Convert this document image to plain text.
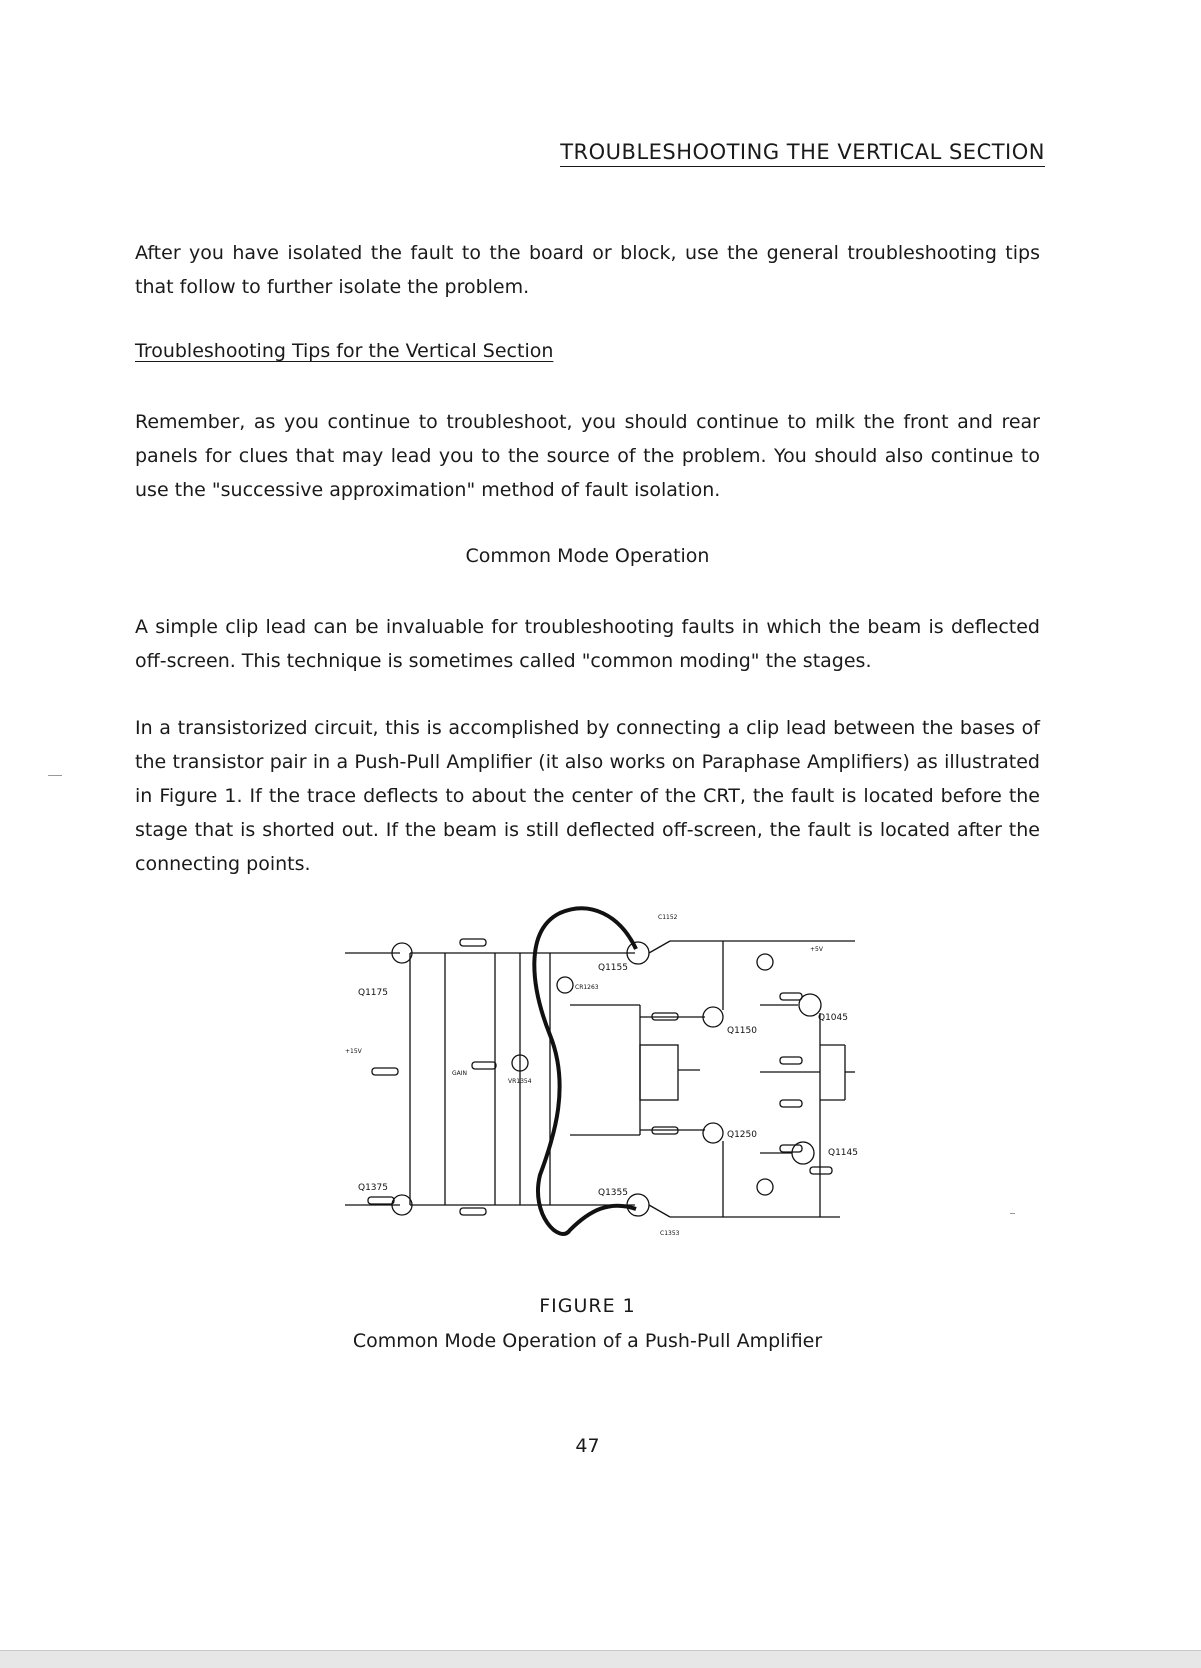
TROUBLESHOOTING THE VERTICAL SECTION

After you have isolated the fault to the board or block, use the general troubleshooting tips that follow to further isolate the problem.

Troubleshooting Tips for the Vertical Section

Remember, as you continue to troubleshoot, you should continue to milk the front and rear panels for clues that may lead you to the source of the problem. You should also continue to use the "successive approximation" method of fault isolation.

Common Mode Operation

A simple clip lead can be invaluable for troubleshooting faults in which the beam is deflected off-screen. This technique is sometimes called "common moding" the stages.

In a transistorized circuit, this is accomplished by connecting a clip lead between the bases of the transistor pair in a Push-Pull Amplifier (it also works on Paraphase Amplifiers) as illustrated in Figure 1. If the trace deflects to about the center of the CRT, the fault is located before the stage that is shorted out. If the beam is still deflected off-screen, the fault is located after the connecting points.

Q1175
Q1375
Q1155
Q1355
Q1150
Q1250
Q1045
Q1145
GAIN
CR1263
VR1354
C1152
C1353
+15V
+5V
FIGURE 1
Common Mode Operation of a Push-Pull Amplifier
47
